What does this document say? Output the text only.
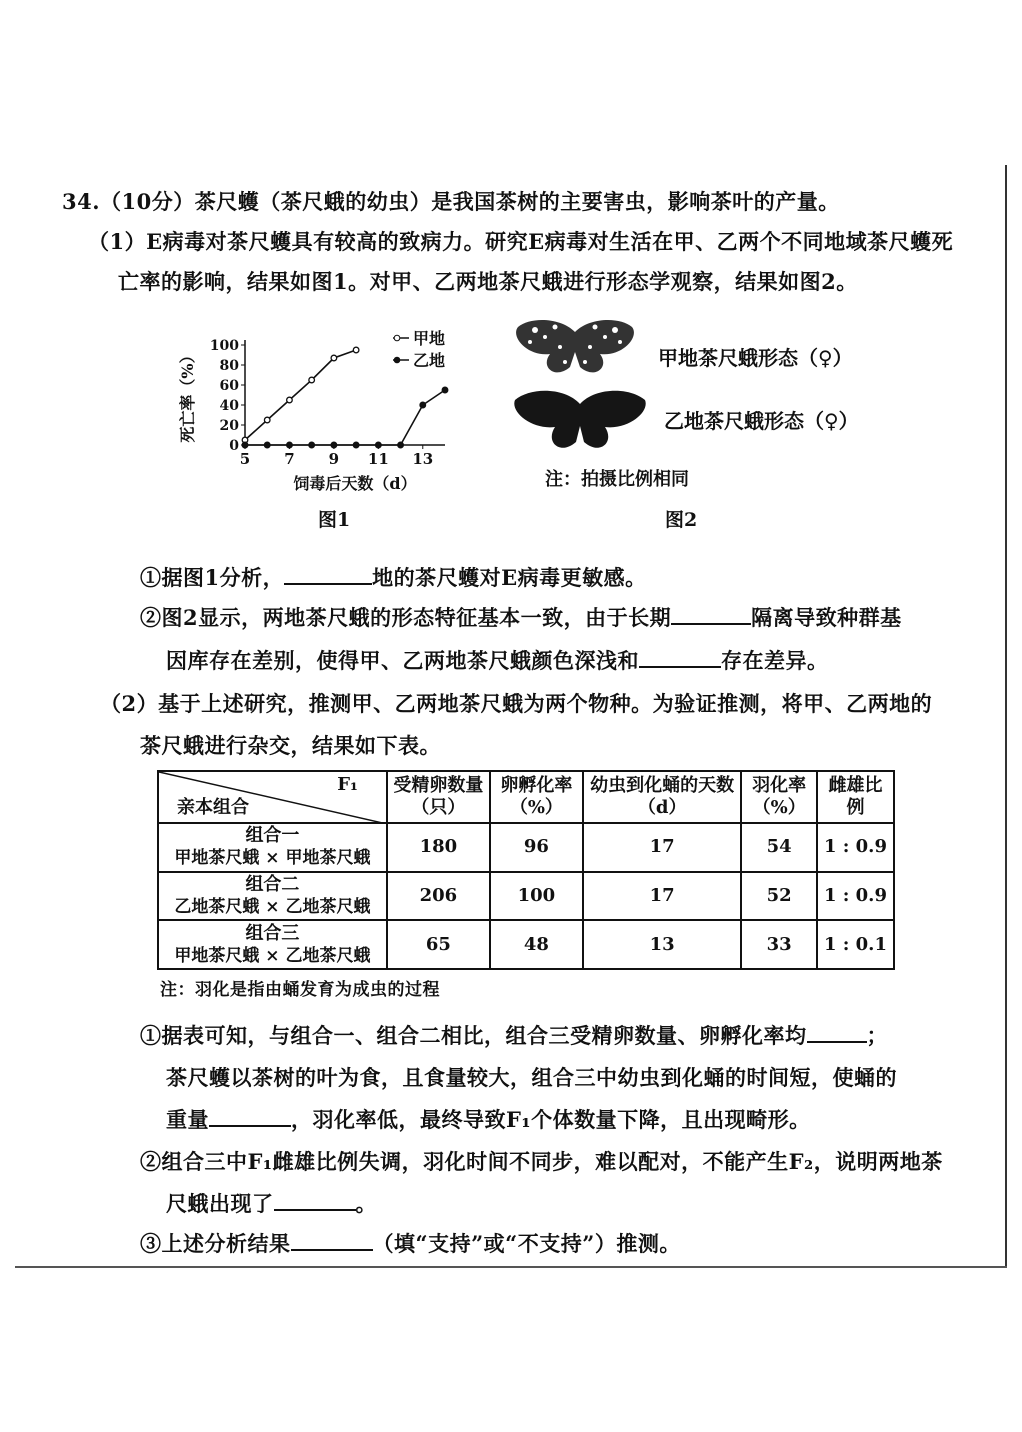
34.（10分）茶尺蠖（茶尺蛾的幼虫）是我国茶树的主要害虫，影响茶叶的产量。
（1）E病毒对茶尺蠖具有较高的致病力。研究E病毒对生活在甲、乙两个不同地域茶尺蠖死
亡率的影响，结果如图1。对甲、乙两地茶尺蛾进行形态学观察，结果如图2。
0
20
40
60
80
100
5 7 9 11 13
饲毒后天数（d）
死亡率（%）
甲地
乙地
图1
甲地茶尺蛾形态（♀）
乙地茶尺蛾形态（♀）
注：拍摄比例相同
图2
①据图1分析，	地的茶尺蠖对E病毒更敏感。
②图2显示，两地茶尺蛾的形态特征基本一致，由于长期	隔离导致种群基
因库存在差别，使得甲、乙两地茶尺蛾颜色深浅和	存在差异。
（2）基于上述研究，推测甲、乙两地茶尺蛾为两个物种。为验证推测，将甲、乙两地的
茶尺蛾进行杂交，结果如下表。
F₁
亲本组合	受精卵数量（只）	卵孵化率（%）	幼虫到化蛹的天数（d）	羽化率（%）	雌雄比例

组合一
甲地茶尺蛾 × 甲地茶尺蛾	180	96	17	54	1 : 0.9

组合二
乙地茶尺蛾 × 乙地茶尺蛾	206	100	17	52	1 : 0.9

组合三
甲地茶尺蛾 × 乙地茶尺蛾	65	48	13	33	1 : 0.1
注：羽化是指由蛹发育为成虫的过程
①据表可知，与组合一、组合二相比，组合三受精卵数量、卵孵化率均	；
茶尺蠖以茶树的叶为食，且食量较大，组合三中幼虫到化蛹的时间短，使蛹的
重量	，羽化率低，最终导致F₁个体数量下降，且出现畸形。
②组合三中F₁雌雄比例失调，羽化时间不同步，难以配对，不能产生F₂，说明两地茶
尺蛾出现了	。
③上述分析结果	（填“支持”或“不支持”）推测。
